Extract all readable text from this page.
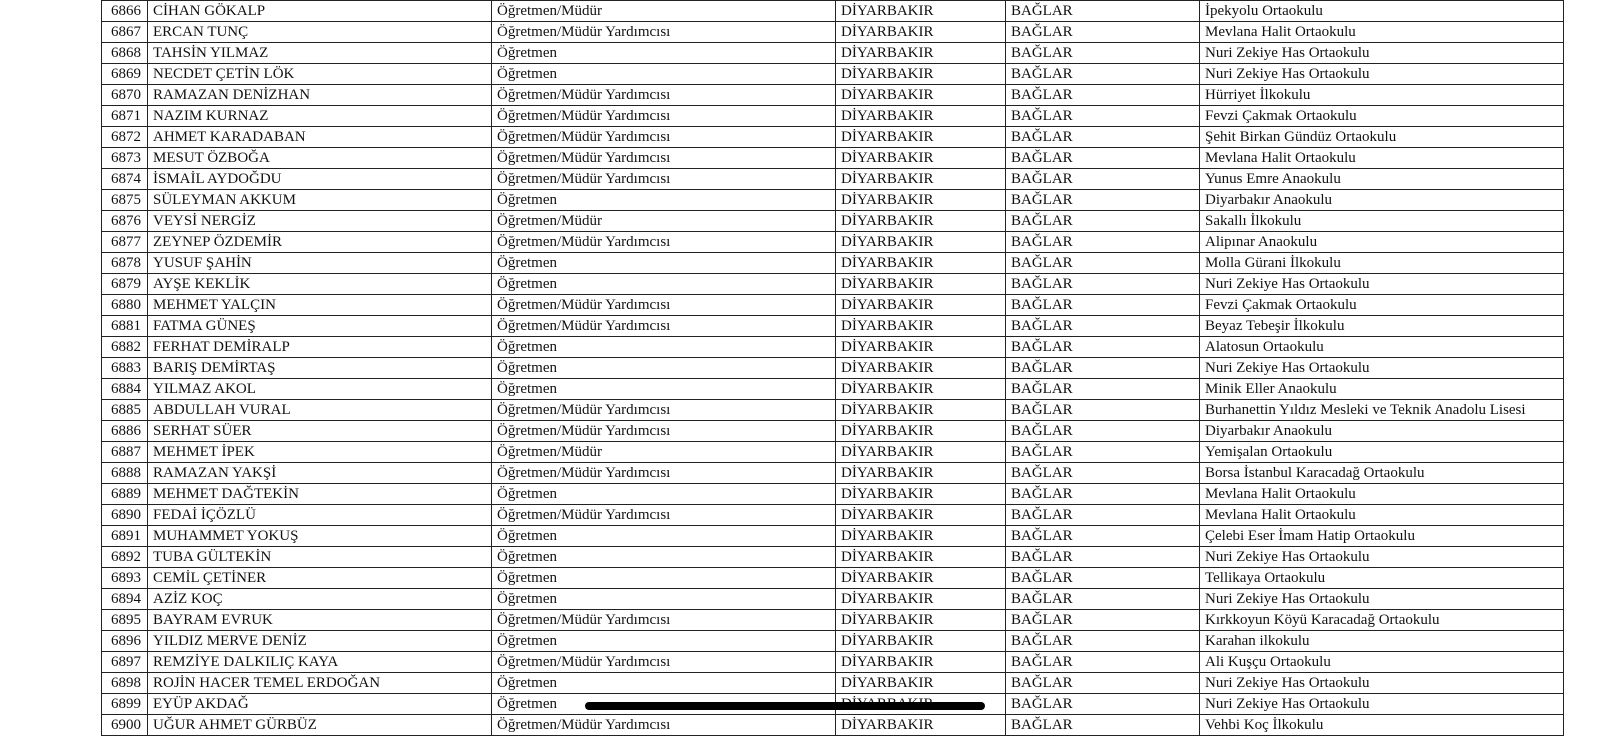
6866	CİHAN GÖKALP	Öğretmen/Müdür	DİYARBAKIR	BAĞLAR	İpekyolu Ortaokulu
6867	ERCAN TUNÇ	Öğretmen/Müdür Yardımcısı	DİYARBAKIR	BAĞLAR	Mevlana Halit Ortaokulu
6868	TAHSİN YILMAZ	Öğretmen	DİYARBAKIR	BAĞLAR	Nuri Zekiye Has Ortaokulu
6869	NECDET ÇETİN LÖK	Öğretmen	DİYARBAKIR	BAĞLAR	Nuri Zekiye Has Ortaokulu
6870	RAMAZAN DENİZHAN	Öğretmen/Müdür Yardımcısı	DİYARBAKIR	BAĞLAR	Hürriyet İlkokulu
6871	NAZIM KURNAZ	Öğretmen/Müdür Yardımcısı	DİYARBAKIR	BAĞLAR	Fevzi Çakmak Ortaokulu
6872	AHMET KARADABAN	Öğretmen/Müdür Yardımcısı	DİYARBAKIR	BAĞLAR	Şehit Birkan Gündüz Ortaokulu
6873	MESUT ÖZBOĞA	Öğretmen/Müdür Yardımcısı	DİYARBAKIR	BAĞLAR	Mevlana Halit Ortaokulu
6874	İSMAİL AYDOĞDU	Öğretmen/Müdür Yardımcısı	DİYARBAKIR	BAĞLAR	Yunus Emre Anaokulu
6875	SÜLEYMAN AKKUM	Öğretmen	DİYARBAKIR	BAĞLAR	Diyarbakır Anaokulu
6876	VEYSİ NERGİZ	Öğretmen/Müdür	DİYARBAKIR	BAĞLAR	Sakallı İlkokulu
6877	ZEYNEP ÖZDEMİR	Öğretmen/Müdür Yardımcısı	DİYARBAKIR	BAĞLAR	Alipınar Anaokulu
6878	YUSUF ŞAHİN	Öğretmen	DİYARBAKIR	BAĞLAR	Molla Gürani İlkokulu
6879	AYŞE KEKLİK	Öğretmen	DİYARBAKIR	BAĞLAR	Nuri Zekiye Has Ortaokulu
6880	MEHMET YALÇIN	Öğretmen/Müdür Yardımcısı	DİYARBAKIR	BAĞLAR	Fevzi Çakmak Ortaokulu
6881	FATMA GÜNEŞ	Öğretmen/Müdür Yardımcısı	DİYARBAKIR	BAĞLAR	Beyaz Tebeşir İlkokulu
6882	FERHAT DEMİRALP	Öğretmen	DİYARBAKIR	BAĞLAR	Alatosun Ortaokulu
6883	BARIŞ DEMİRTAŞ	Öğretmen	DİYARBAKIR	BAĞLAR	Nuri Zekiye Has Ortaokulu
6884	YILMAZ AKOL	Öğretmen	DİYARBAKIR	BAĞLAR	Minik Eller Anaokulu
6885	ABDULLAH VURAL	Öğretmen/Müdür Yardımcısı	DİYARBAKIR	BAĞLAR	Burhanettin Yıldız Mesleki ve Teknik Anadolu Lisesi
6886	SERHAT SÜER	Öğretmen/Müdür Yardımcısı	DİYARBAKIR	BAĞLAR	Diyarbakır Anaokulu
6887	MEHMET İPEK	Öğretmen/Müdür	DİYARBAKIR	BAĞLAR	Yemişalan Ortaokulu
6888	RAMAZAN YAKŞİ	Öğretmen/Müdür Yardımcısı	DİYARBAKIR	BAĞLAR	Borsa İstanbul Karacadağ Ortaokulu
6889	MEHMET DAĞTEKİN	Öğretmen	DİYARBAKIR	BAĞLAR	Mevlana Halit Ortaokulu
6890	FEDAİ İÇÖZLÜ	Öğretmen/Müdür Yardımcısı	DİYARBAKIR	BAĞLAR	Mevlana Halit Ortaokulu
6891	MUHAMMET YOKUŞ	Öğretmen	DİYARBAKIR	BAĞLAR	Çelebi Eser İmam Hatip Ortaokulu
6892	TUBA GÜLTEKİN	Öğretmen	DİYARBAKIR	BAĞLAR	Nuri Zekiye Has Ortaokulu
6893	CEMİL ÇETİNER	Öğretmen	DİYARBAKIR	BAĞLAR	Tellikaya Ortaokulu
6894	AZİZ KOÇ	Öğretmen	DİYARBAKIR	BAĞLAR	Nuri Zekiye Has Ortaokulu
6895	BAYRAM EVRUK	Öğretmen/Müdür Yardımcısı	DİYARBAKIR	BAĞLAR	Kırkkoyun Köyü Karacadağ Ortaokulu
6896	YILDIZ MERVE DENİZ	Öğretmen	DİYARBAKIR	BAĞLAR	Karahan ilkokulu
6897	REMZİYE DALKILIÇ KAYA	Öğretmen/Müdür Yardımcısı	DİYARBAKIR	BAĞLAR	Ali Kuşçu Ortaokulu
6898	ROJİN HACER TEMEL ERDOĞAN	Öğretmen	DİYARBAKIR	BAĞLAR	Nuri Zekiye Has Ortaokulu
6899	EYÜP AKDAĞ	Öğretmen		BAĞLAR	Nuri Zekiye Has Ortaokulu
6900	UĞUR AHMET GÜRBÜZ	Öğretmen/Müdür Yardımcısı	DİYARBAKIR	BAĞLAR	Vehbi Koç İlkokulu
